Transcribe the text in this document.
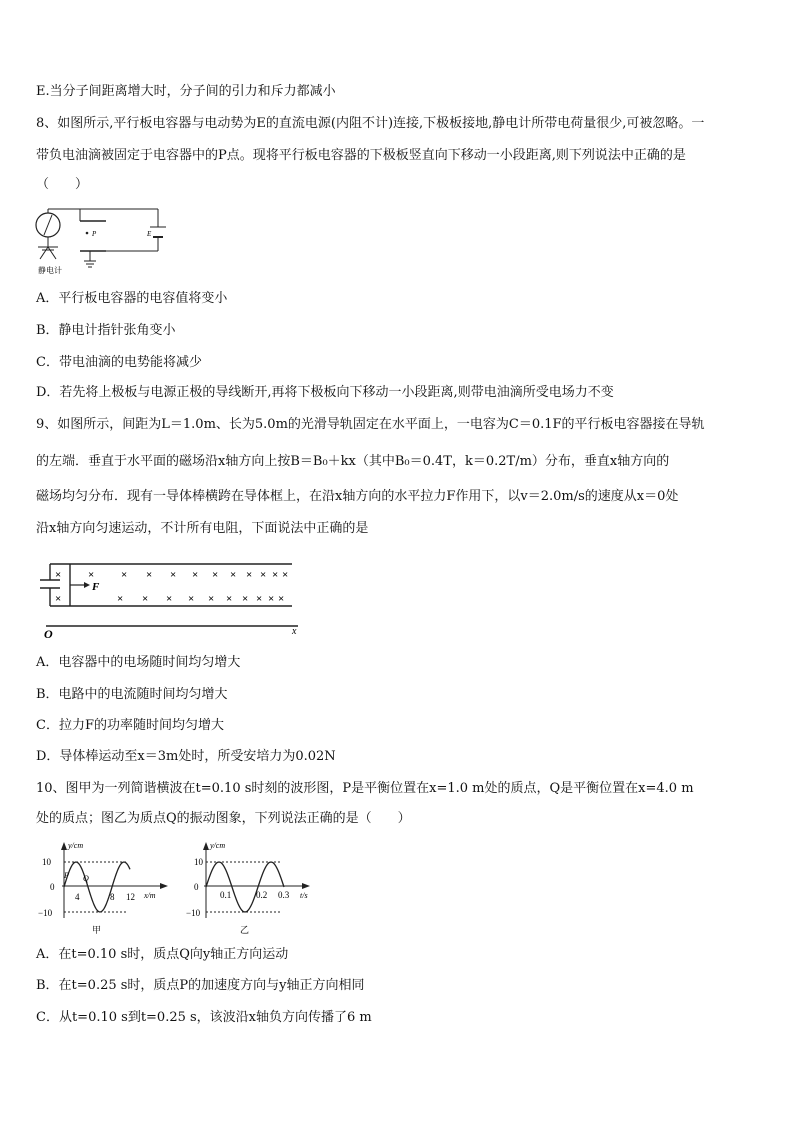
E.当分子间距离增大时，分子间的引力和斥力都减小
8、如图所示,平行板电容器与电动势为E的直流电源(内阻不计)连接,下极板接地,静电计所带电荷量很少,可被忽略。一
带负电油滴被固定于电容器中的P点。现将平行板电容器的下极板竖直向下移动一小段距离,则下列说法中正确的是
（　　）
P	E
静电计
A．平行板电容器的电容值将变小
B．静电计指针张角变小
C．带电油滴的电势能将减少
D．若先将上极板与电源正极的导线断开,再将下极板向下移动一小段距离,则带电油滴所受电场力不变
9、如图所示，间距为L＝1.0m、长为5.0m的光滑导轨固定在水平面上，一电容为C＝0.1F的平行板电容器接在导轨
的左端．垂直于水平面的磁场沿x轴方向上按B＝B₀＋kx（其中B₀＝0.4T，k＝0.2T/m）分布，垂直x轴方向的
磁场均匀分布．现有一导体棒横跨在导体框上，在沿x轴方向的水平拉力F作用下，以v＝2.0m/s的速度从x＝0处
沿x轴方向匀速运动，不计所有电阻，下面说法中正确的是
×
×
F
× × × × × × × × × × ×
× × × × × × × × × ×
O	x
A．电容器中的电场随时间均匀增大
B．电路中的电流随时间均匀增大
C．拉力F的功率随时间均匀增大
D．导体棒运动至x＝3m处时，所受安培力为0.02N
10、图甲为一列简谐横波在t=0.10 s时刻的波形图，P是平衡位置在x=1.0 m处的质点，Q是平衡位置在x=4.0 m
处的质点；图乙为质点Q的振动图象，下列说法正确的是（　　）
y/cm
x/m
10
0
−10
4	8 12
P Q
甲
y/cm
t/s
10
0
−10
0.1	0.2 0.3
乙
A．在t=0.10 s时，质点Q向y轴正方向运动
B．在t=0.25 s时，质点P的加速度方向与y轴正方向相同
C．从t=0.10 s到t=0.25 s，该波沿x轴负方向传播了6 m
